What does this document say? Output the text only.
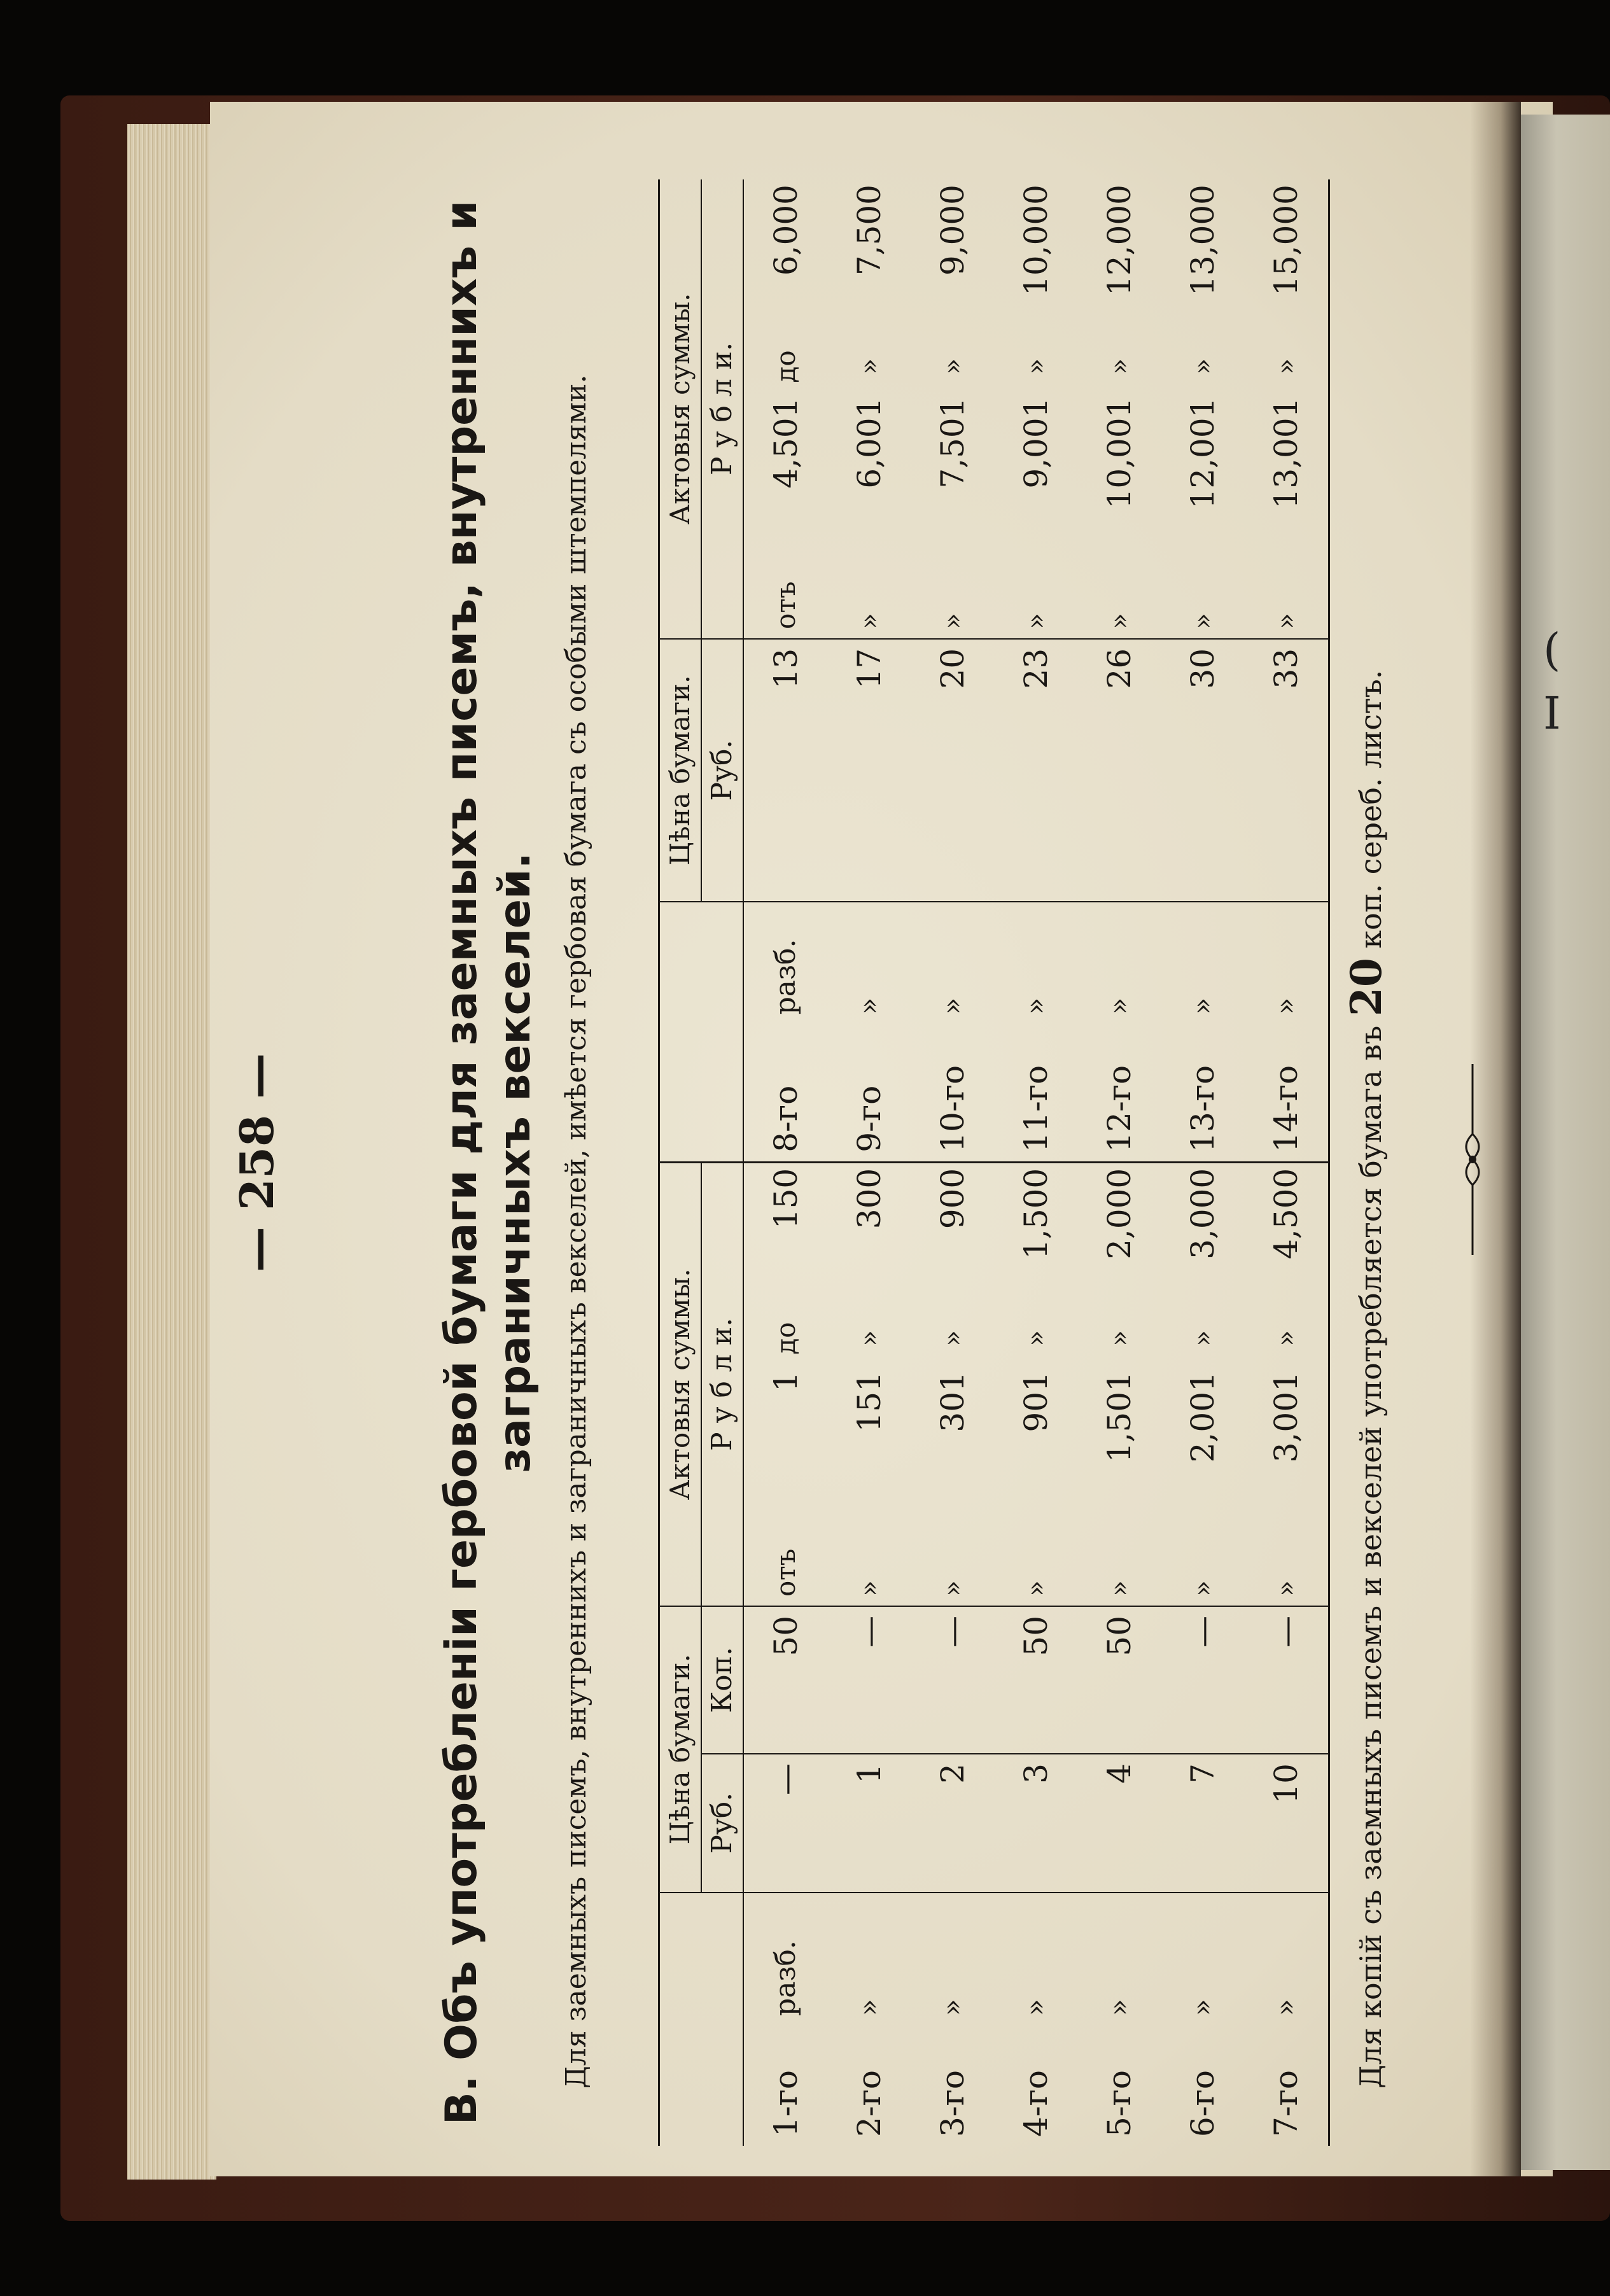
— 258 —	В. Объ употребленіи гербовой бумаги для заемныхъ писемъ, внутреннихъ и заграничныхъ векселей. Для заемныхъ писемъ, внутреннихъ и заграничныхъ векселей, имѣется гербовая бумага съ особыми штемпелями.
		Цѣна бумаги.		Актовыя суммы.			
		Руб.	Коп.	Р у б л и.			
1-го	разб.	—	50	отъ	1	до	150
2-го	»	1	—	»	151	»	300
3-го	»	2	—	»	301	»	900
4-го	»	3	50	»	901	»	1,500
5-го	»	4	50	»	1,501	»	2,000
6-го	»	7	—	»	2,001	»	3,000
7-го	»	10	—	»	3,001	»	4,500
		Цѣна бумаги.	Актовыя суммы.			
		Руб.	Р у б л и.			
8-го	разб.	13	отъ	4,501	до	6,000
9-го	»	17	»	6,001	»	7,500
10-го	»	20	»	7,501	»	9,000
11-го	»	23	»	9,001	»	10,000
12-го	»	26	»	10,001	»	12,000
13-го	»	30	»	12,001	»	13,000
14-го	»	33	»	13,001	»	15,000
Для копій съ заемныхъ писемъ и векселей употребляется бумага въ 20 коп. сереб. листъ.
(
I
